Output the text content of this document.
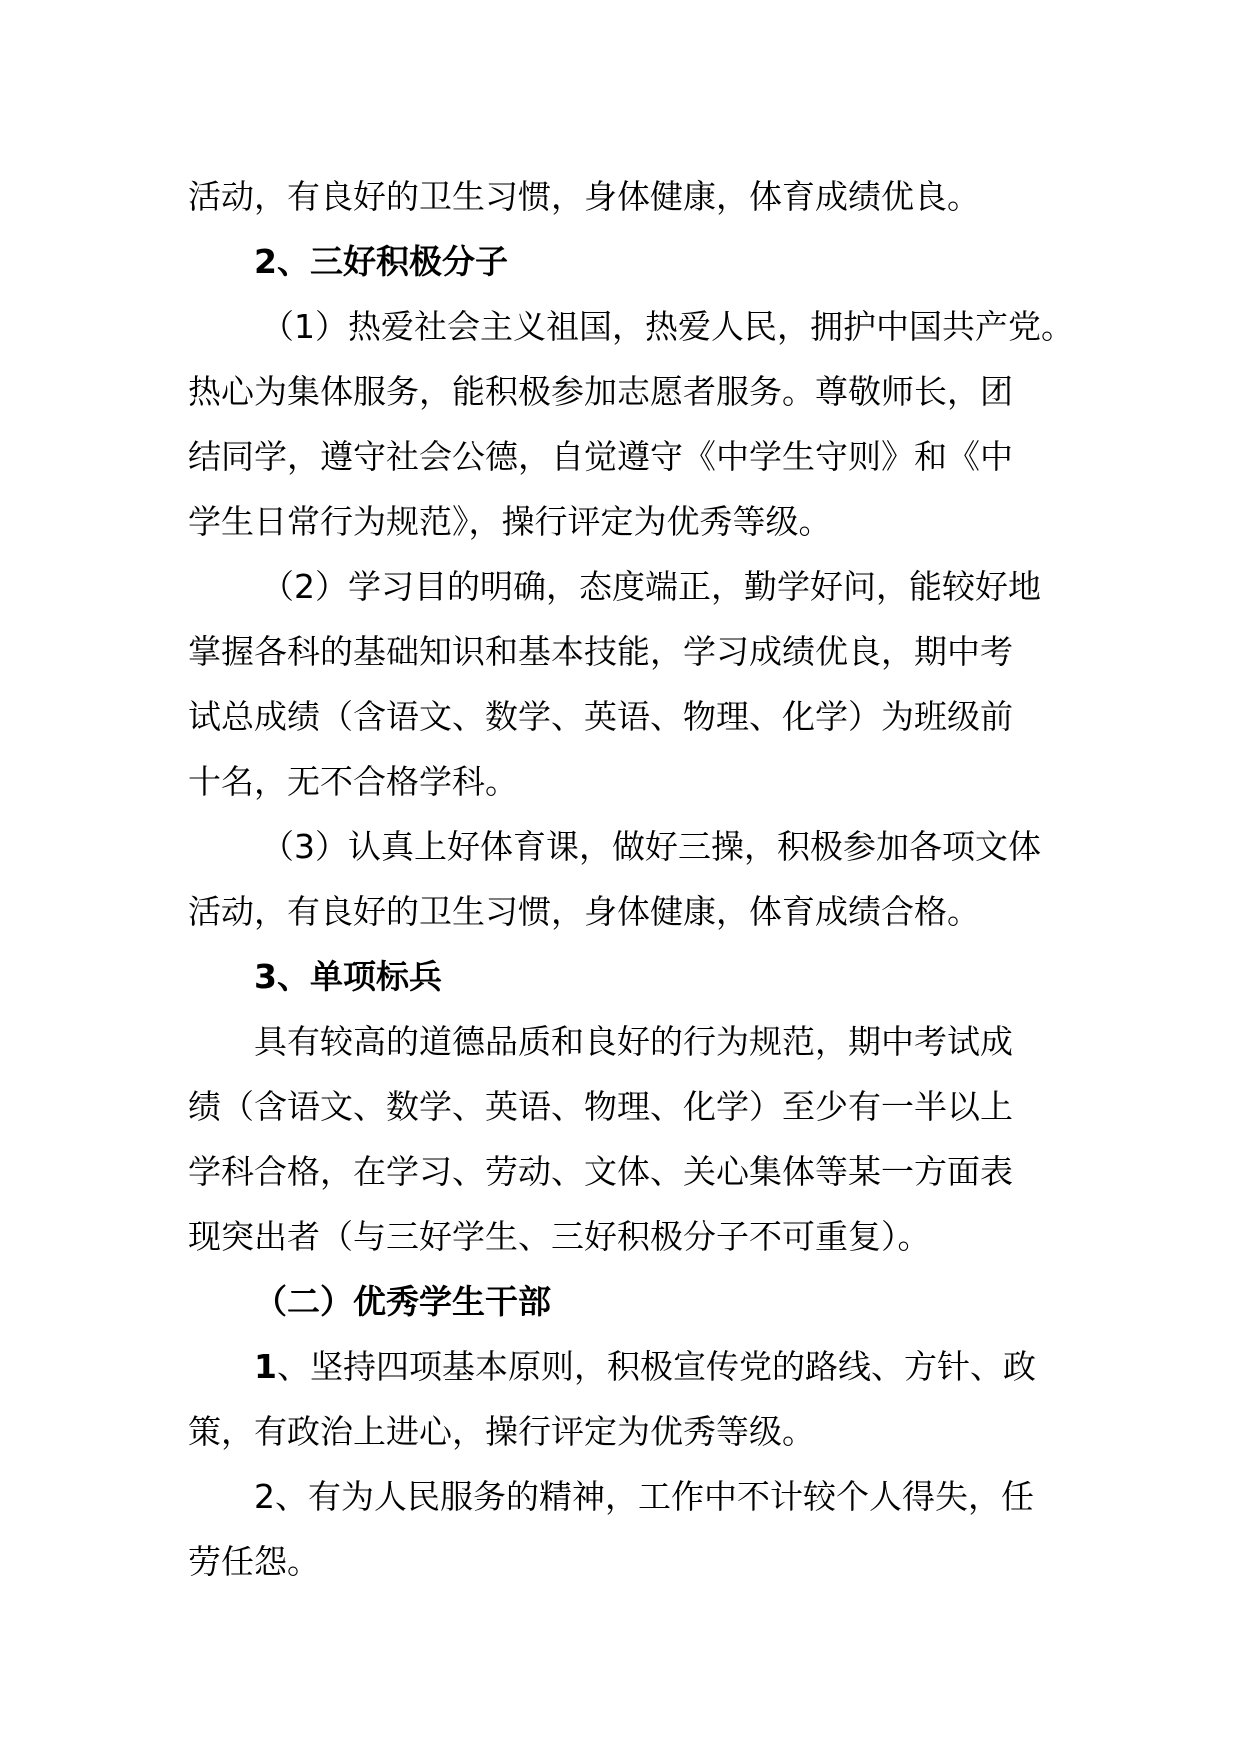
活动，有良好的卫生习惯，身体健康，体育成绩优良。
2、三好积极分子
（1）热爱社会主义祖国，热爱人民，拥护中国共产党。
热心为集体服务，能积极参加志愿者服务。尊敬师长，团
结同学，遵守社会公德，自觉遵守《中学生守则》和《中
学生日常行为规范》，操行评定为优秀等级。
（2）学习目的明确，态度端正，勤学好问，能较好地
掌握各科的基础知识和基本技能，学习成绩优良，期中考
试总成绩（含语文、数学、英语、物理、化学）为班级前
十名，无不合格学科。
（3）认真上好体育课，做好三操，积极参加各项文体
活动，有良好的卫生习惯，身体健康，体育成绩合格。
3、单项标兵
具有较高的道德品质和良好的行为规范，期中考试成
绩（含语文、数学、英语、物理、化学）至少有一半以上
学科合格，在学习、劳动、文体、关心集体等某一方面表
现突出者（与三好学生、三好积极分子不可重复）。
（二）优秀学生干部
1、坚持四项基本原则，积极宣传党的路线、方针、政
策，有政治上进心，操行评定为优秀等级。
2、有为人民服务的精神，工作中不计较个人得失，任
劳任怨。
